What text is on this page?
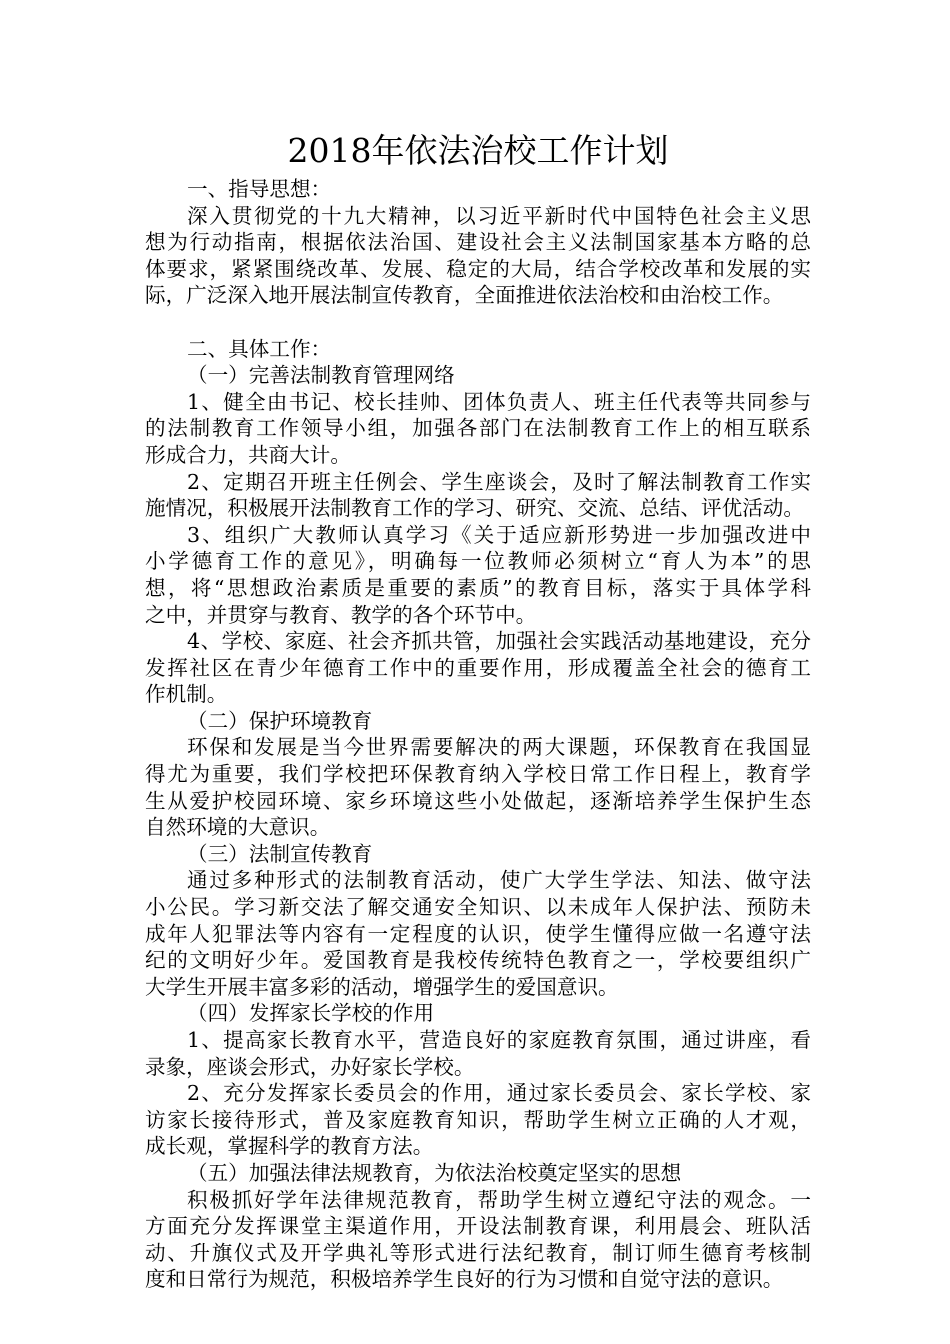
2018年依法治校工作计划
一、指导思想：
深入贯彻党的十九大精神，以习近平新时代中国特色社会主义思
想为行动指南，根据依法治国、建设社会主义法制国家基本方略的总
体要求，紧紧围绕改革、发展、稳定的大局，结合学校改革和发展的实
际，广泛深入地开展法制宣传教育，全面推进依法治校和由治校工作。
二、具体工作：
（一）完善法制教育管理网络
1、健全由书记、校长挂帅、团体负责人、班主任代表等共同参与
的法制教育工作领导小组，加强各部门在法制教育工作上的相互联系
形成合力，共商大计。
2、定期召开班主任例会、学生座谈会，及时了解法制教育工作实
施情况，积极展开法制教育工作的学习、研究、交流、总结、评优活动。
3、组织广大教师认真学习《关于适应新形势进一步加强改进中
小学德育工作的意见》，明确每一位教师必须树立“育人为本”的思
想，将“思想政治素质是重要的素质”的教育目标，落实于具体学科
之中，并贯穿与教育、教学的各个环节中。
4、学校、家庭、社会齐抓共管，加强社会实践活动基地建设，充分
发挥社区在青少年德育工作中的重要作用，形成覆盖全社会的德育工
作机制。
（二）保护环境教育
环保和发展是当今世界需要解决的两大课题，环保教育在我国显
得尤为重要，我们学校把环保教育纳入学校日常工作日程上，教育学
生从爱护校园环境、家乡环境这些小处做起，逐渐培养学生保护生态
自然环境的大意识。
（三）法制宣传教育
通过多种形式的法制教育活动，使广大学生学法、知法、做守法
小公民。学习新交法了解交通安全知识、以未成年人保护法、预防未
成年人犯罪法等内容有一定程度的认识，使学生懂得应做一名遵守法
纪的文明好少年。爱国教育是我校传统特色教育之一，学校要组织广
大学生开展丰富多彩的活动，增强学生的爱国意识。
（四）发挥家长学校的作用
1、提高家长教育水平，营造良好的家庭教育氛围，通过讲座，看
录象，座谈会形式，办好家长学校。
2、充分发挥家长委员会的作用，通过家长委员会、家长学校、家
访家长接待形式，普及家庭教育知识，帮助学生树立正确的人才观，
成长观，掌握科学的教育方法。
（五）加强法律法规教育，为依法治校奠定坚实的思想
积极抓好学年法律规范教育，帮助学生树立遵纪守法的观念。一
方面充分发挥课堂主渠道作用，开设法制教育课，利用晨会、班队活
动、升旗仪式及开学典礼等形式进行法纪教育，制订师生德育考核制
度和日常行为规范，积极培养学生良好的行为习惯和自觉守法的意识。
